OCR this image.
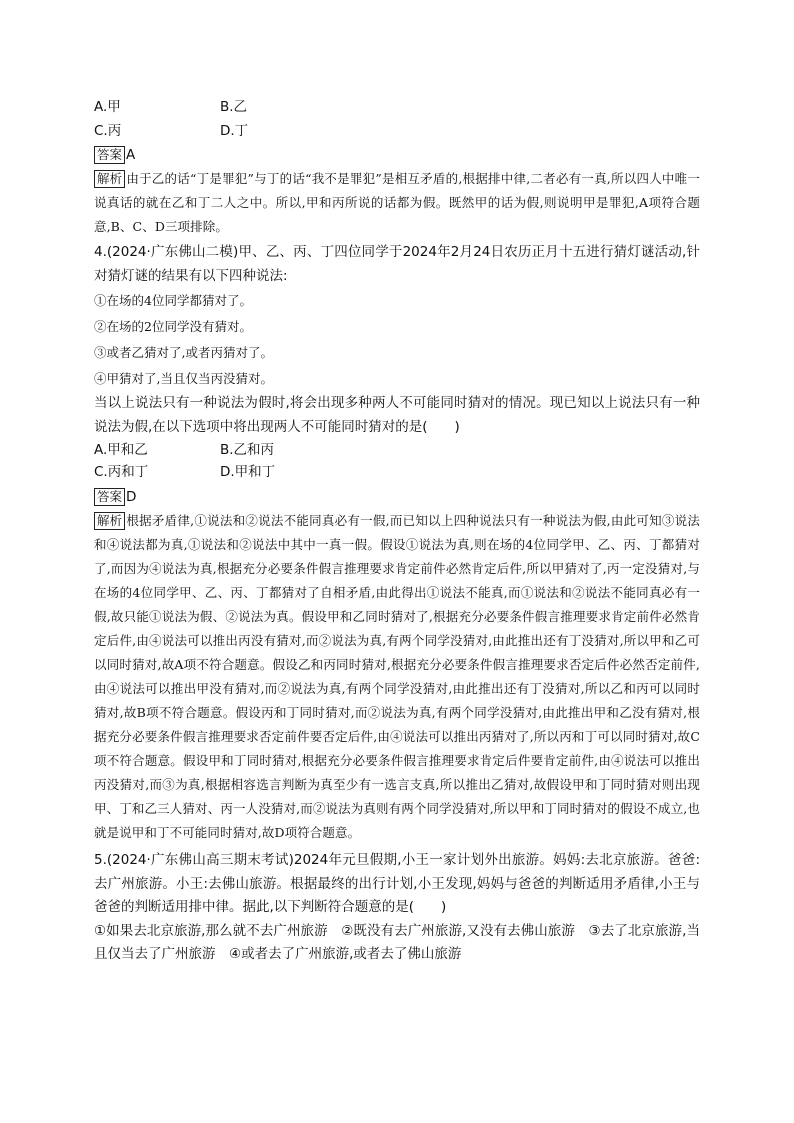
A.甲	B.乙
C.丙	D.丁
答案 A

解析 由于乙的话“丁是罪犯”与丁的话“我不是罪犯”是相互矛盾的,根据排中律,二者必有一真,所以四人中唯一说真话的就在乙和丁二人之中。所以,甲和丙所说的话都为假。既然甲的话为假,则说明甲是罪犯,A项符合题意,B、C、D三项排除。

4.(2024·广东佛山二模)甲、乙、丙、丁四位同学于2024年2月24日农历正月十五进行猜灯谜活动,针对猜灯谜的结果有以下四种说法:

①在场的4位同学都猜对了。

②在场的2位同学没有猜对。

③或者乙猜对了,或者丙猜对了。

④甲猜对了,当且仅当丙没猜对。

当以上说法只有一种说法为假时,将会出现多种两人不可能同时猜对的情况。现已知以上说法只有一种说法为假,在以下选项中将出现两人不可能同时猜对的是(　　)

A.甲和乙	B.乙和丙
C.丙和丁	D.甲和丁
答案 D

解析 根据矛盾律,①说法和②说法不能同真必有一假,而已知以上四种说法只有一种说法为假,由此可知③说法和④说法都为真,①说法和②说法中其中一真一假。假设①说法为真,则在场的4位同学甲、乙、丙、丁都猜对了,而因为④说法为真,根据充分必要条件假言推理要求肯定前件必然肯定后件,所以甲猜对了,丙一定没猜对,与在场的4位同学甲、乙、丙、丁都猜对了自相矛盾,由此得出①说法不能真,而①说法和②说法不能同真必有一假,故只能①说法为假、②说法为真。假设甲和乙同时猜对了,根据充分必要条件假言推理要求肯定前件必然肯定后件,由④说法可以推出丙没有猜对,而②说法为真,有两个同学没猜对,由此推出还有丁没猜对,所以甲和乙可以同时猜对,故A项不符合题意。假设乙和丙同时猜对,根据充分必要条件假言推理要求否定后件必然否定前件,由④说法可以推出甲没有猜对,而②说法为真,有两个同学没猜对,由此推出还有丁没猜对,所以乙和丙可以同时猜对,故B项不符合题意。假设丙和丁同时猜对,而②说法为真,有两个同学没猜对,由此推出甲和乙没有猜对,根据充分必要条件假言推理要求否定前件要否定后件,由④说法可以推出丙猜对了,所以丙和丁可以同时猜对,故C项不符合题意。假设甲和丁同时猜对,根据充分必要条件假言推理要求肯定后件要肯定前件,由④说法可以推出丙没猜对,而③为真,根据相容选言判断为真至少有一选言支真,所以推出乙猜对,故假设甲和丁同时猜对则出现甲、丁和乙三人猜对、丙一人没猜对,而②说法为真则有两个同学没猜对,所以甲和丁同时猜对的假设不成立,也就是说甲和丁不可能同时猜对,故D项符合题意。

5.(2024·广东佛山高三期末考试)2024年元旦假期,小王一家计划外出旅游。妈妈:去北京旅游。爸爸:去广州旅游。小王:去佛山旅游。根据最终的出行计划,小王发现,妈妈与爸爸的判断适用矛盾律,小王与爸爸的判断适用排中律。据此,以下判断符合题意的是(　　)

①如果去北京旅游,那么就不去广州旅游　②既没有去广州旅游,又没有去佛山旅游　③去了北京旅游,当且仅当去了广州旅游　④或者去了广州旅游,或者去了佛山旅游
